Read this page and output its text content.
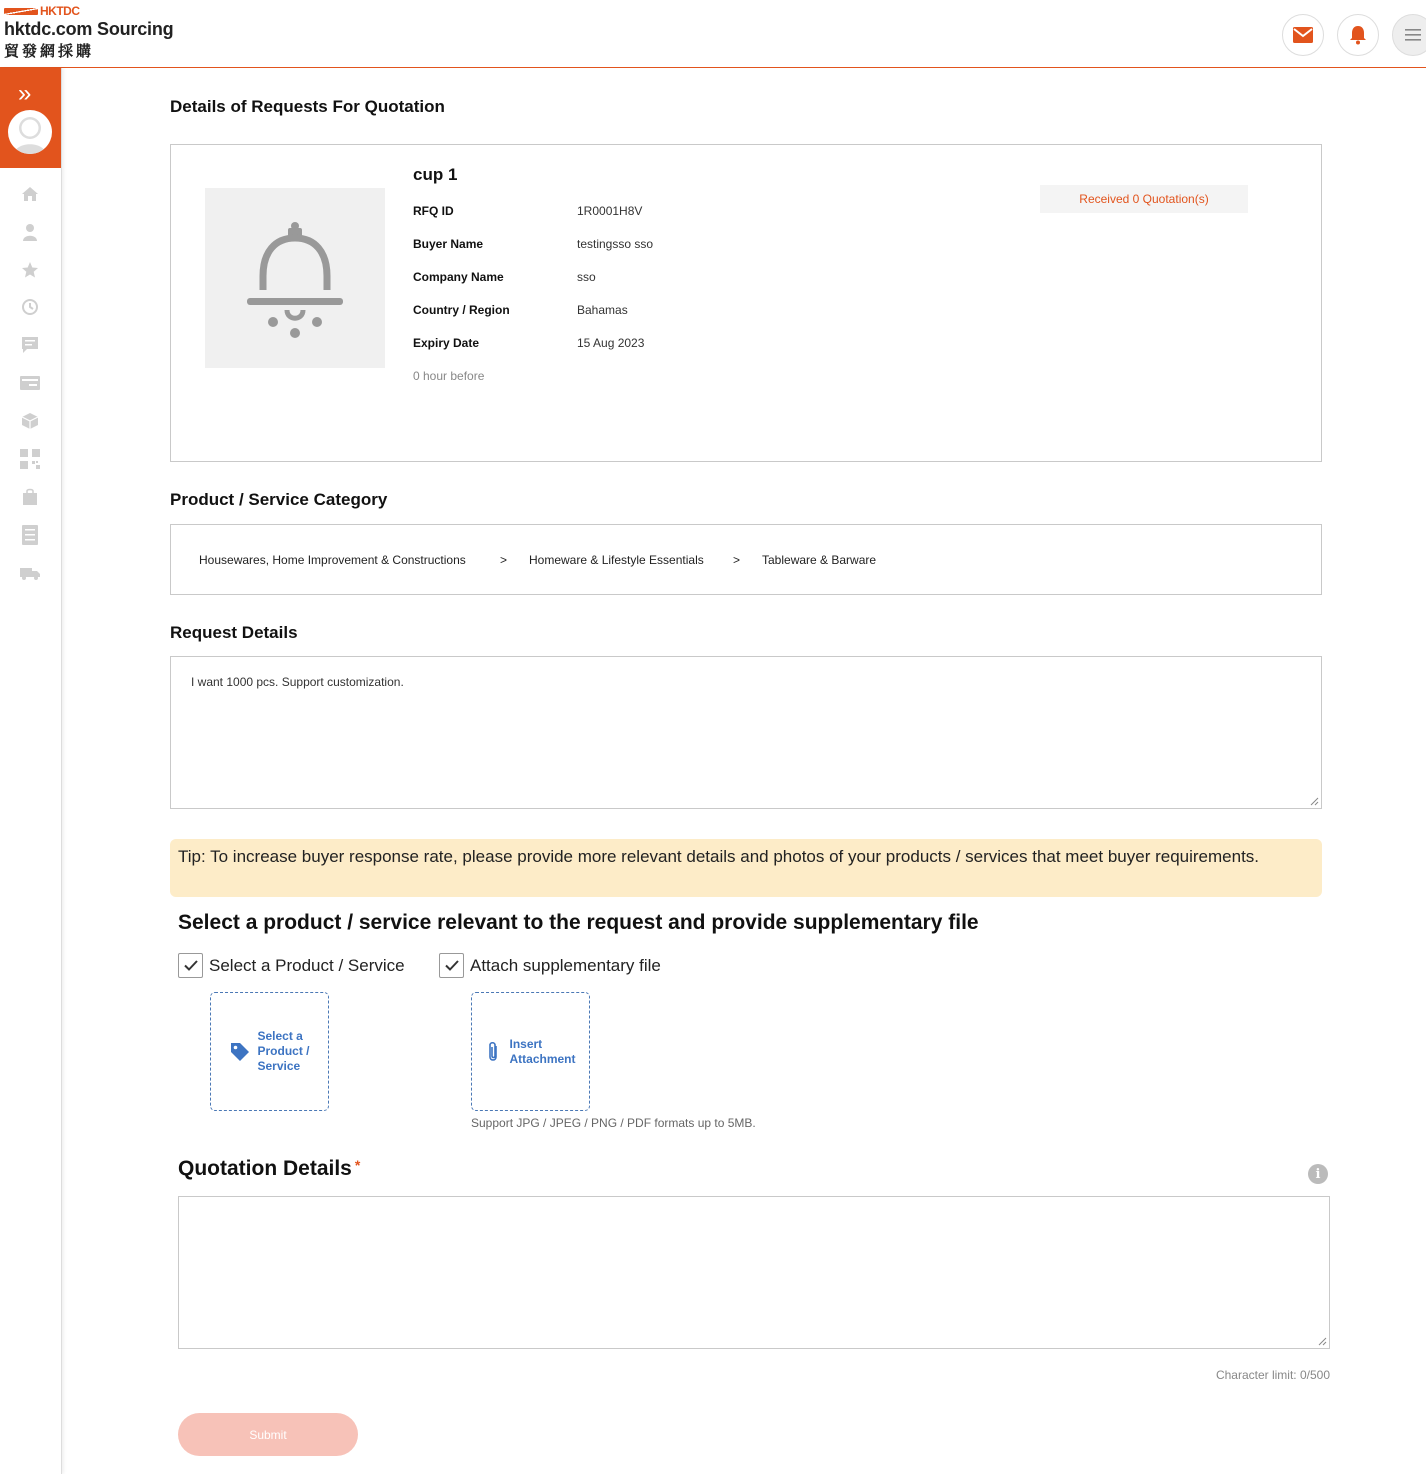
HKTDC
hktdc.com Sourcing
貿發網採購
»	Details of Requests For Quotation
cup 1
RFQ ID	1R0001H8V
Buyer Name	testingsso sso
Company Name	sso
Country / Region	Bahamas
Expiry Date	15 Aug 2023
0 hour before
Received 0 Quotation(s)
Product / Service Category
Housewares, Home Improvement & Constructions	> Homeware & Lifestyle Essentials > Tableware & Barware
Request Details
I want 1000 pcs. Support customization.
Tip: To increase buyer response rate, please provide more relevant details and photos of your products / services that meet buyer requirements.
Select a product / service relevant to the request and provide supplementary file
Select a Product / Service	Attach supplementary file
Select a
Product /
Service
Insert
Attachment
Support JPG / JPEG / PNG / PDF formats up to 5MB.
Quotation Details *
i
Character limit: 0/500
Submit
